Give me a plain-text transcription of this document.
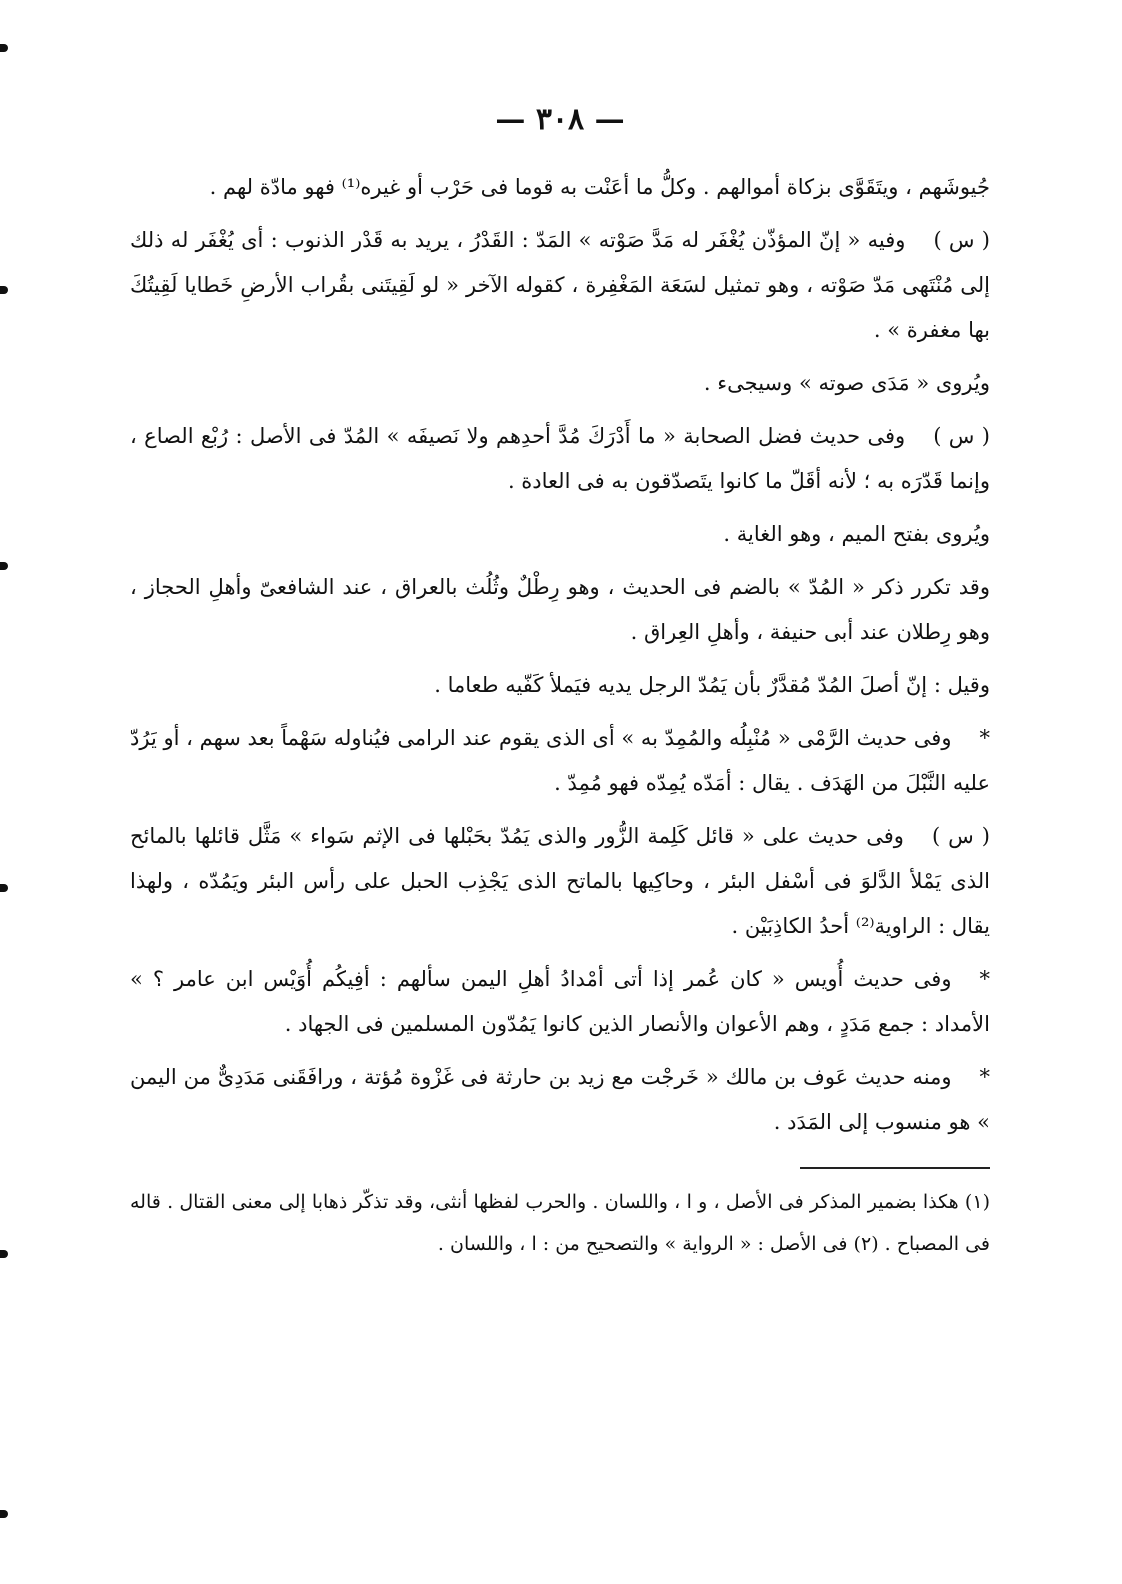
— ٣٠٨ —

جُيوشَهم ، ويتَقَوَّى بزكاة أموالهم . وكلُّ ما أعَنْت به قوما فى حَرْب أو غيره⁽¹⁾ فهو مادّة لهم .

( س )وفيه « إنّ المؤذّن يُغْفَر له مَدَّ صَوْته » المَدّ : القَدْرُ ، يريد به قَدْر الذنوب : أى يُغْفَر له ذلك إلى مُنْتَهى مَدّ صَوْته ، وهو تمثيل لسَعَة المَغْفِرة ، كقوله الآخر « لو لَقِيتَنى بقُراب الأرضِ خَطايا لَقِيتُكَ بها مغفرة » .

ويُروى « مَدَى صوته » وسيجىء .

( س )وفى حديث فضل الصحابة « ما أَدْرَكَ مُدَّ أحدِهم ولا نَصيفَه » المُدّ فى الأصل : رُبْع الصاع ، وإنما قَدّرَه به ؛ لأنه أقَلّ ما كانوا يتَصدّقون به فى العادة .

ويُروى بفتح الميم ، وهو الغاية .

وقد تكرر ذكر « المُدّ » بالضم فى الحديث ، وهو رِطْلٌ وثُلُث بالعراق ، عند الشافعىّ وأهلِ الحجاز ، وهو رِطلان عند أبى حنيفة ، وأهلِ العِراق .

وقيل : إنّ أصلَ المُدّ مُقدَّرٌ بأن يَمُدّ الرجل يديه فيَملأ كَفّيه طعاما .

*وفى حديث الرَّمْى « مُنْبِلُه والمُمِدّ به » أى الذى يقوم عند الرامى فيُناوله سَهْماً بعد سهم ، أو يَرُدّ عليه النَّبْلَ من الهَدَف . يقال : أمَدّه يُمِدّه فهو مُمِدّ .

( س )وفى حديث على « قائل كَلِمة الزُّور والذى يَمُدّ بحَبْلها فى الإثم سَواء » مَثَّل قائلها بالمائح الذى يَمْلأ الدَّلوَ فى أسْفل البئر ، وحاكِيها بالماتح الذى يَجْذِب الحبل على رأس البئر ويَمُدّه ، ولهذا يقال : الراوية⁽²⁾ أحدُ الكاذِبَيْن .

*وفى حديث أُويس « كان عُمر إذا أتى أمْدادُ أهلِ اليمن سألهم : أفِيكُم أُوَيْس ابن عامر ؟ » الأمداد : جمع مَدَدٍ ، وهم الأعوان والأنصار الذين كانوا يَمُدّون المسلمين فى الجهاد .

*ومنه حديث عَوف بن مالك « خَرجْت مع زيد بن حارثة فى غَزْوة مُؤتة ، ورافَقَنى مَدَدِىٌّ من اليمن » هو منسوب إلى المَدَد .

(١) هكذا بضمير المذكر فى الأصل ، و ا ، واللسان . والحرب لفظها أنثى، وقد تذكّر ذهابا إلى معنى القتال . قاله فى المصباح . (٢) فى الأصل : « الرواية » والتصحيح من : ا ، واللسان .
